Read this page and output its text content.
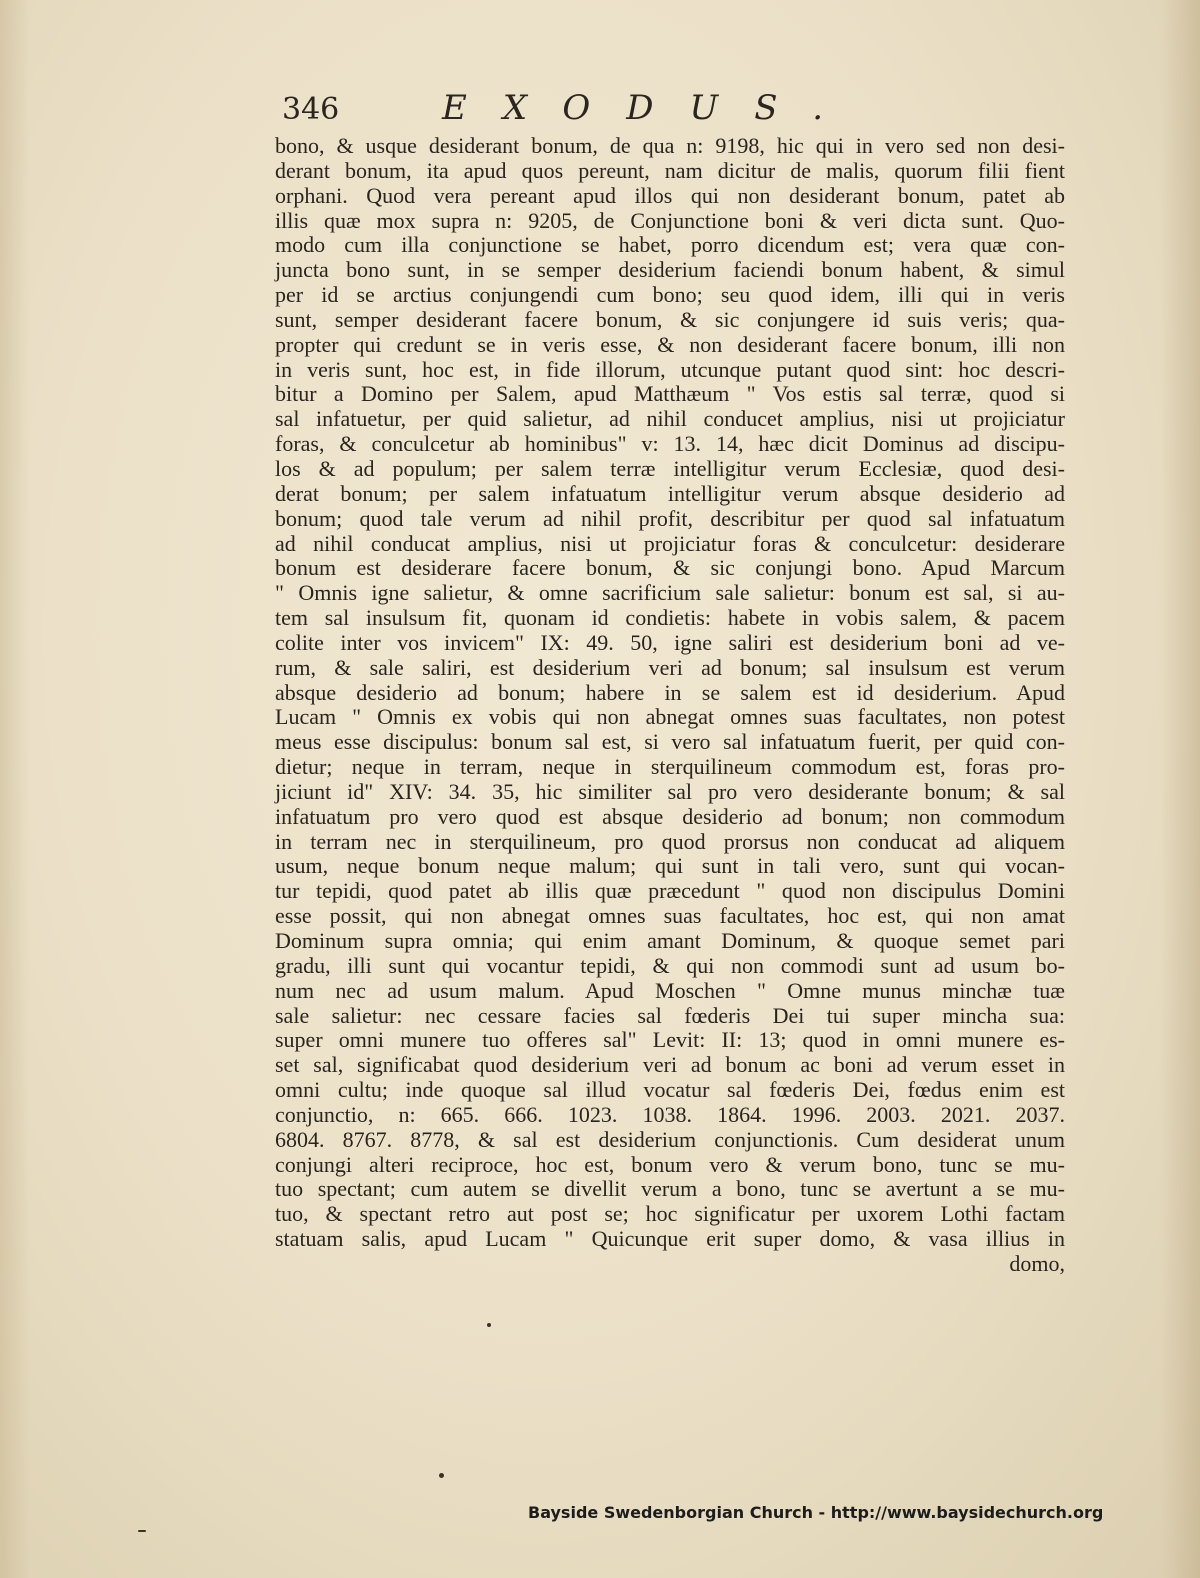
346	EXODUS.
bono, & usque desiderant bonum, de qua n: 9198, hic qui in vero sed non desi-
derant bonum, ita apud quos pereunt, nam dicitur de malis, quorum filii fient
orphani. Quod vera pereant apud illos qui non desiderant bonum, patet ab
illis quæ mox supra n: 9205, de Conjunctione boni & veri dicta sunt. Quo-
modo cum illa conjunctione se habet, porro dicendum est; vera quæ con-
juncta bono sunt, in se semper desiderium faciendi bonum habent, & simul
per id se arctius conjungendi cum bono; seu quod idem, illi qui in veris
sunt, semper desiderant facere bonum, & sic conjungere id suis veris; qua-
propter qui credunt se in veris esse, & non desiderant facere bonum, illi non
in veris sunt, hoc est, in fide illorum, utcunque putant quod sint: hoc descri-
bitur a Domino per Salem, apud Matthæum " Vos estis sal terræ, quod si
sal infatuetur, per quid salietur, ad nihil conducet amplius, nisi ut projiciatur
foras, & conculcetur ab hominibus" v: 13. 14, hæc dicit Dominus ad discipu-
los & ad populum; per salem terræ intelligitur verum Ecclesiæ, quod desi-
derat bonum; per salem infatuatum intelligitur verum absque desiderio ad
bonum; quod tale verum ad nihil profit, describitur per quod sal infatuatum
ad nihil conducat amplius, nisi ut projiciatur foras & conculcetur: desiderare
bonum est desiderare facere bonum, & sic conjungi bono. Apud Marcum
" Omnis igne salietur, & omne sacrificium sale salietur: bonum est sal, si au-
tem sal insulsum fit, quonam id condietis: habete in vobis salem, & pacem
colite inter vos invicem" IX: 49. 50, igne saliri est desiderium boni ad ve-
rum, & sale saliri, est desiderium veri ad bonum; sal insulsum est verum
absque desiderio ad bonum; habere in se salem est id desiderium. Apud
Lucam " Omnis ex vobis qui non abnegat omnes suas facultates, non potest
meus esse discipulus: bonum sal est, si vero sal infatuatum fuerit, per quid con-
dietur; neque in terram, neque in sterquilineum commodum est, foras pro-
jiciunt id" XIV: 34. 35, hic similiter sal pro vero desiderante bonum; & sal
infatuatum pro vero quod est absque desiderio ad bonum; non commodum
in terram nec in sterquilineum, pro quod prorsus non conducat ad aliquem
usum, neque bonum neque malum; qui sunt in tali vero, sunt qui vocan-
tur tepidi, quod patet ab illis quæ præcedunt " quod non discipulus Domini
esse possit, qui non abnegat omnes suas facultates, hoc est, qui non amat
Dominum supra omnia; qui enim amant Dominum, & quoque semet pari
gradu, illi sunt qui vocantur tepidi, & qui non commodi sunt ad usum bo-
num nec ad usum malum. Apud Moschen " Omne munus minchæ tuæ
sale salietur: nec cessare facies sal fœderis Dei tui super mincha sua:
super omni munere tuo offeres sal" Levit: II: 13; quod in omni munere es-
set sal, significabat quod desiderium veri ad bonum ac boni ad verum esset in
omni cultu; inde quoque sal illud vocatur sal fœderis Dei, fœdus enim est
conjunctio, n: 665. 666. 1023. 1038. 1864. 1996. 2003. 2021. 2037.
6804. 8767. 8778, & sal est desiderium conjunctionis. Cum desiderat unum
conjungi alteri reciproce, hoc est, bonum vero & verum bono, tunc se mu-
tuo spectant; cum autem se divellit verum a bono, tunc se avertunt a se mu-
tuo, & spectant retro aut post se; hoc significatur per uxorem Lothi factam
statuam salis, apud Lucam " Quicunque erit super domo, & vasa illius in
domo,
Bayside Swedenborgian Church - http://www.baysidechurch.org
